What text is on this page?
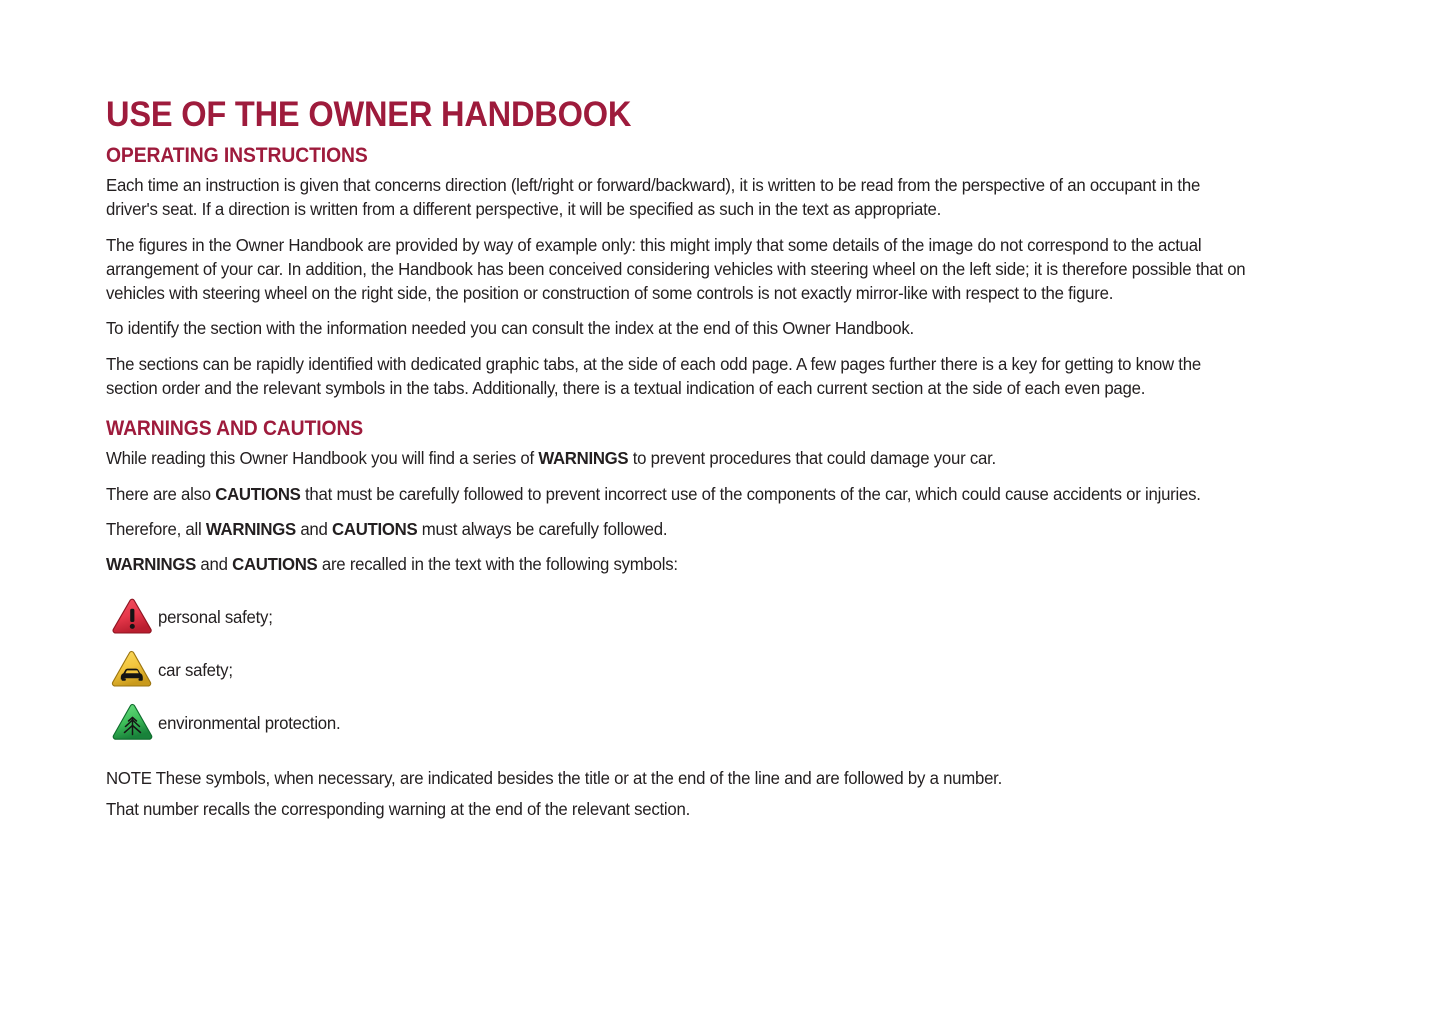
USE OF THE OWNER HANDBOOK
OPERATING INSTRUCTIONS

Each time an instruction is given that concerns direction (left/right or forward/backward), it is written to be read from the perspective of an occupant in the driver's seat. If a direction is written from a different perspective, it will be specified as such in the text as appropriate.

The figures in the Owner Handbook are provided by way of example only: this might imply that some details of the image do not correspond to the actual arrangement of your car. In addition, the Handbook has been conceived considering vehicles with steering wheel on the left side; it is therefore possible that on vehicles with steering wheel on the right side, the position or construction of some controls is not exactly mirror-like with respect to the figure.

To identify the section with the information needed you can consult the index at the end of this Owner Handbook.

The sections can be rapidly identified with dedicated graphic tabs, at the side of each odd page. A few pages further there is a key for getting to know the section order and the relevant symbols in the tabs. Additionally, there is a textual indication of each current section at the side of each even page.

WARNINGS AND CAUTIONS

While reading this Owner Handbook you will find a series of WARNINGS to prevent procedures that could damage your car.

There are also CAUTIONS that must be carefully followed to prevent incorrect use of the components of the car, which could cause accidents or injuries.

Therefore, all WARNINGS and CAUTIONS must always be carefully followed.

WARNINGS and CAUTIONS are recalled in the text with the following symbols:

personal safety;
car safety;
environmental protection.

NOTE These symbols, when necessary, are indicated besides the title or at the end of the line and are followed by a number.

That number recalls the corresponding warning at the end of the relevant section.
